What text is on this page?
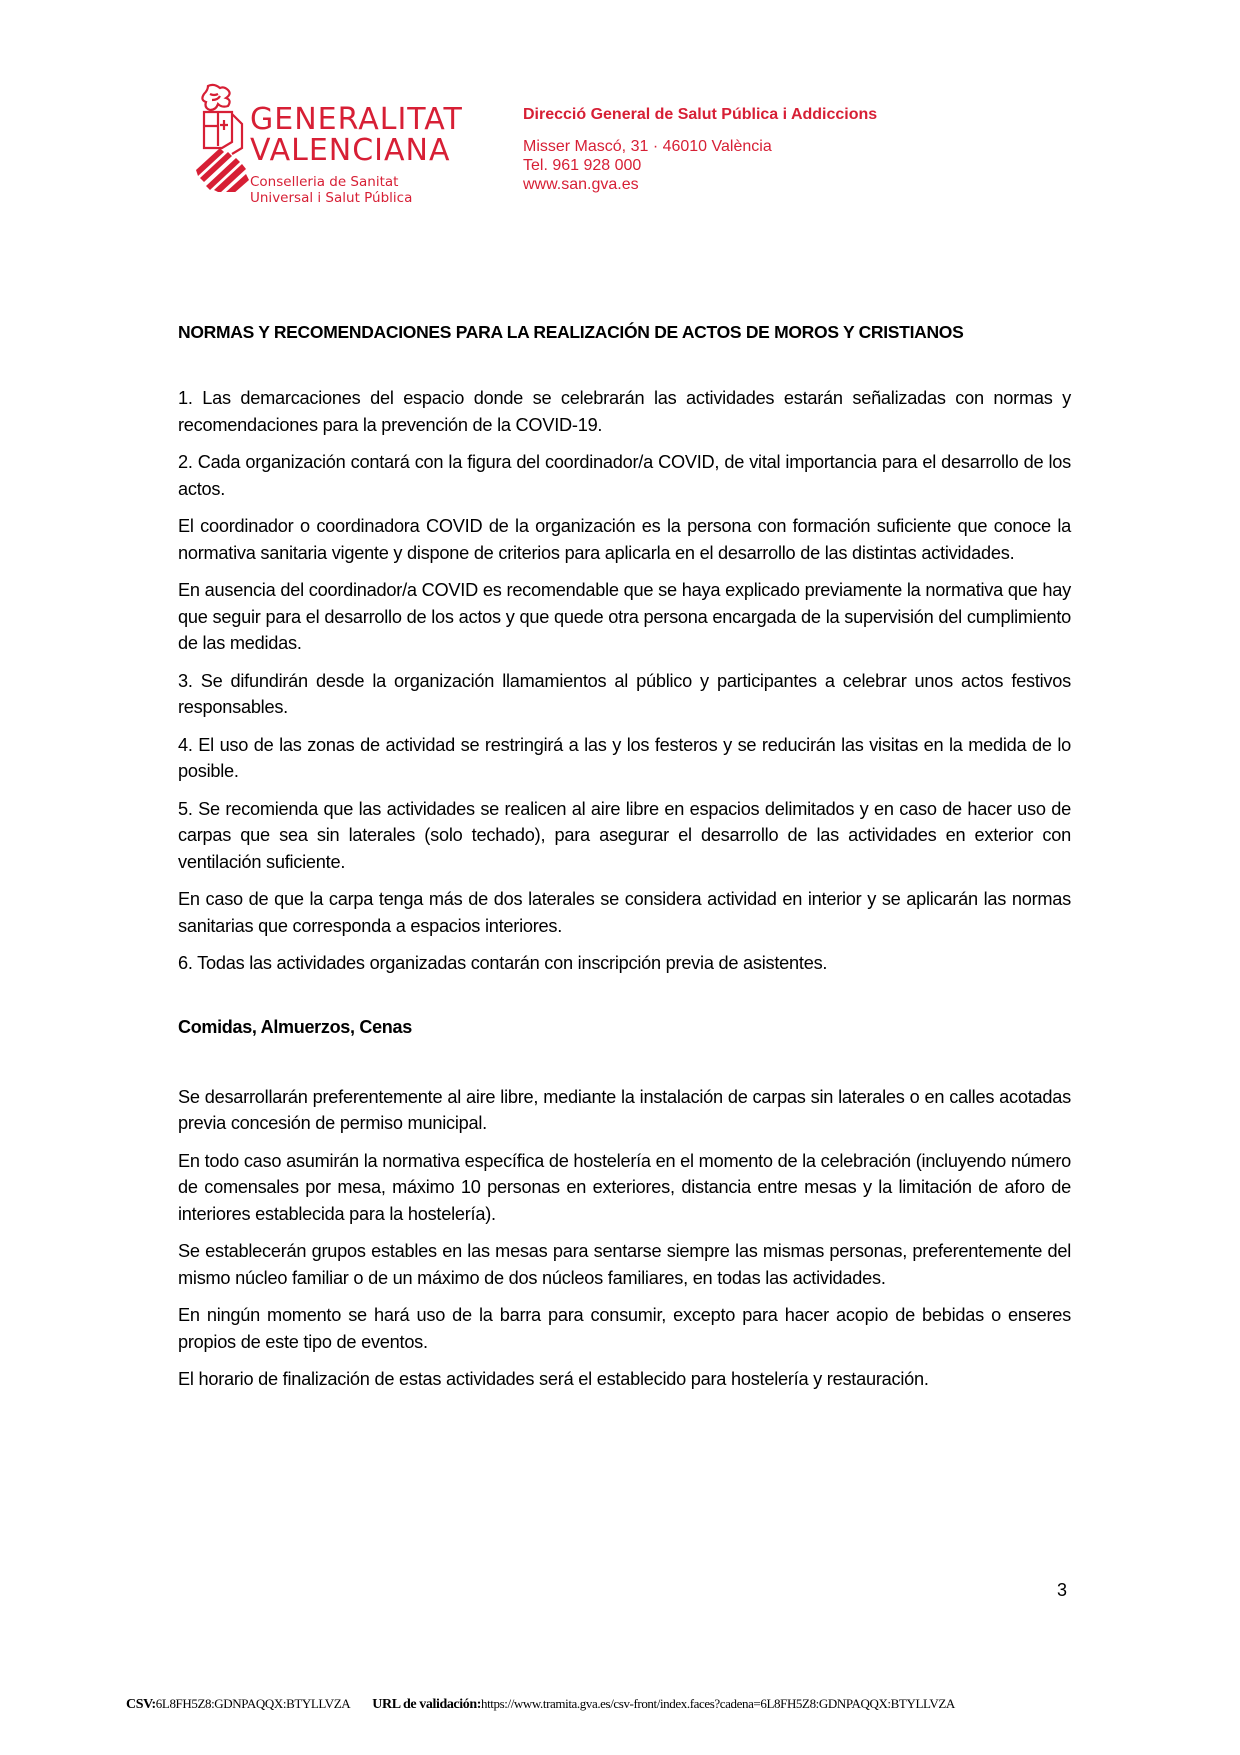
GENERALITAT
VALENCIANA
Conselleria de Sanitat
Universal i Salut Pública
Direcció General de Salut Pública i Addiccions
Misser Mascó, 31 · 46010 València
Tel. 961 928 000
www.san.gva.es
NORMAS Y RECOMENDACIONES PARA LA REALIZACIÓN DE ACTOS DE MOROS Y CRISTIANOS

1. Las demarcaciones del espacio donde se celebrarán las actividades estarán señalizadas con normas y recomendaciones para la prevención de la COVID-19.

2. Cada organización contará con la figura del coordinador/a COVID, de vital importancia para el desarrollo de los actos.

El coordinador o coordinadora COVID de la organización es la persona con formación suficiente que conoce la normativa sanitaria vigente y dispone de criterios para aplicarla en el desarrollo de las distintas actividades.

En ausencia del coordinador/a COVID es recomendable que se haya explicado previamente la normativa que hay que seguir para el desarrollo de los actos y que quede otra persona encargada de la supervisión del cumplimiento de las medidas.

3. Se difundirán desde la organización llamamientos al público y participantes a celebrar unos actos festivos responsables.

4. El uso de las zonas de actividad se restringirá a las y los festeros y se reducirán las visitas en la medida de lo posible.

5. Se recomienda que las actividades se realicen al aire libre en espacios delimitados y en caso de hacer uso de carpas que sea sin laterales (solo techado), para asegurar el desarrollo de las actividades en exterior con ventilación suficiente.

En caso de que la carpa tenga más de dos laterales se considera actividad en interior y se aplicarán las normas sanitarias que corresponda a espacios interiores.

6. Todas las actividades organizadas contarán con inscripción previa de asistentes.

Comidas, Almuerzos, Cenas

Se desarrollarán preferentemente al aire libre, mediante la instalación de carpas sin laterales o en calles acotadas previa concesión de permiso municipal.

En todo caso asumirán la normativa específica de hostelería en el momento de la celebración (incluyendo número de comensales por mesa, máximo 10 personas en exteriores, distancia entre mesas y la limitación de aforo de interiores establecida para la hostelería).

Se establecerán grupos estables en las mesas para sentarse siempre las mismas personas, preferentemente del mismo núcleo familiar o de un máximo de dos núcleos familiares, en todas las actividades.

En ningún momento se hará uso de la barra para consumir, excepto para hacer acopio de bebidas o enseres propios de este tipo de eventos.

El horario de finalización de estas actividades será el establecido para hostelería y restauración.

3
CSV:6L8FH5Z8:GDNPAQQX:BTYLLVZA URL de validación:https://www.tramita.gva.es/csv-front/index.faces?cadena=6L8FH5Z8:GDNPAQQX:BTYLLVZA
